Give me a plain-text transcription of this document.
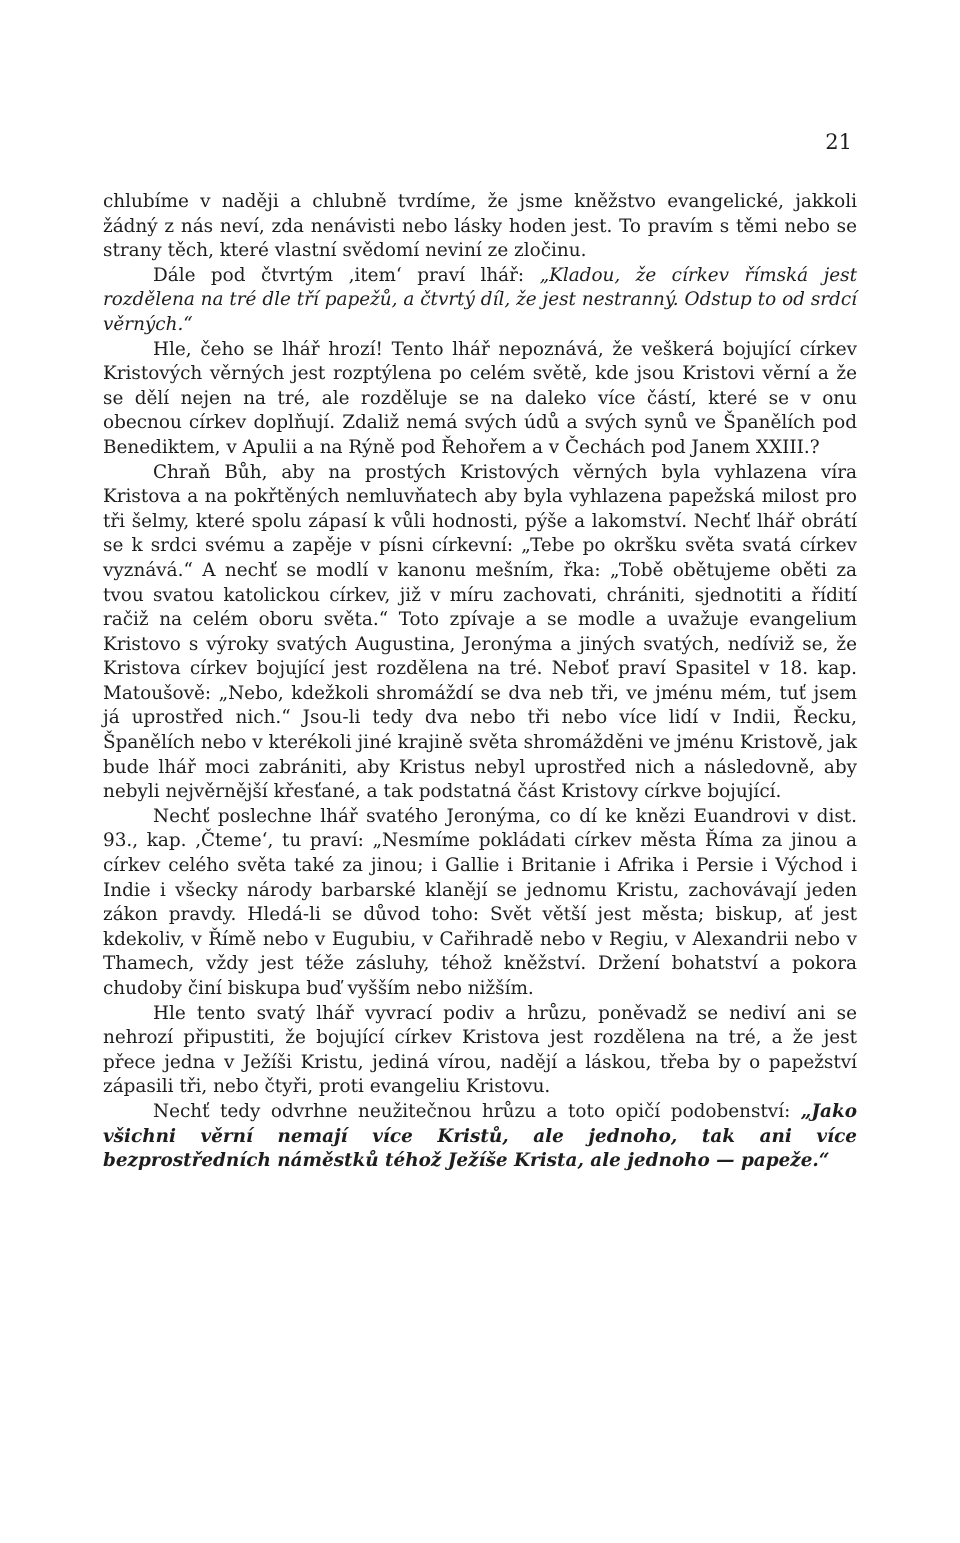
21

chlubíme v naději a chlubně tvrdíme, že jsme kněžstvo evangelické, jakkoli žádný z nás neví, zda nenávisti nebo lásky hoden jest. To pravím s těmi nebo se strany těch, které vlastní svědomí neviní ze zločinu.

Dále pod čtvrtým ‚item‘ praví lhář: „Kladou, že církev římská jest rozdělena na tré dle tří papežů, a čtvrtý díl, že jest nestranný. Odstup to od srdcí věrných.“

Hle, čeho se lhář hrozí! Tento lhář nepoznává, že veškerá bojující církev Kristových věrných jest rozptýlena po celém světě, kde jsou Kristovi věrní a že se dělí nejen na tré, ale rozděluje se na daleko více částí, které se v onu obecnou církev doplňují. Zdaliž nemá svých údů a svých synů ve Španělích pod Benediktem, v Apulii a na Rýně pod Řehořem a v Čechách pod Janem XXIII.?

Chraň Bůh, aby na prostých Kristových věrných byla vyhlazena víra Kristova a na pokřtěných nemluvňatech aby byla vyhlazena papežská milost pro tři šelmy, které spolu zápasí k vůli hodnosti, pýše a lakomství. Nechť lhář obrátí se k srdci svému a zapěje v písni církevní: „Tebe po okršku světa svatá církev vyznává.“ A nechť se modlí v kanonu mešním, řka: „Tobě obětujeme oběti za tvou svatou katolickou církev, již v míru zachovati, chrániti, sjednotiti a řídití račiž na celém oboru světa.“ Toto zpívaje a se modle a uvažuje evangelium Kristovo s výroky svatých Augustina, Jeronýma a jiných svatých, nedíviž se, že Kristova církev bojující jest rozdělena na tré. Neboť praví Spasitel v 18. kap. Matoušově: „Nebo, kdežkoli shromáždí se dva neb tři, ve jménu mém, tuť jsem já uprostřed nich.“ Jsou-li tedy dva nebo tři nebo více lidí v Indii, Řecku, Španělích nebo v kterékoli jiné krajině světa shromážděni ve jménu Kristově, jak bude lhář moci zabrániti, aby Kristus nebyl uprostřed nich a následovně, aby nebyli nejvěrnější křesťané, a tak podstatná část Kristovy církve bojující.

Nechť poslechne lhář svatého Jeronýma, co dí ke knězi Euandrovi v dist. 93., kap. ‚Čteme‘, tu praví: „Nesmíme pokládati církev města Říma za jinou a církev celého světa také za jinou; i Gallie i Britanie i Afrika i Persie i Východ i Indie i všecky národy barbarské klanějí se jednomu Kristu, zachovávají jeden zákon pravdy. Hledá-li se důvod toho: Svět větší jest města; biskup, ať jest kdekoliv, v Římě nebo v Eugubiu, v Cařihradě nebo v Regiu, v Alexandrii nebo v Thamech, vždy jest téže zásluhy, téhož kněžství. Držení bohatství a pokora chudoby činí biskupa buď vyšším nebo nižším.

Hle tento svatý lhář vyvrací podiv a hrůzu, poněvadž se nediví ani se nehrozí připustiti, že bojující církev Kristova jest rozdělena na tré, a že jest přece jedna v Ježíši Kristu, jediná vírou, nadějí a láskou, třeba by o papežství zápasili tři, nebo čtyři, proti evangeliu Kristovu.

Nechť tedy odvrhne neužitečnou hrůzu a toto opičí podobenství: „Jako všichni věrní nemají více Kristů, ale jednoho, tak ani více bezprostředních náměstků téhož Ježíše Krista, ale jednoho — papeže.“
